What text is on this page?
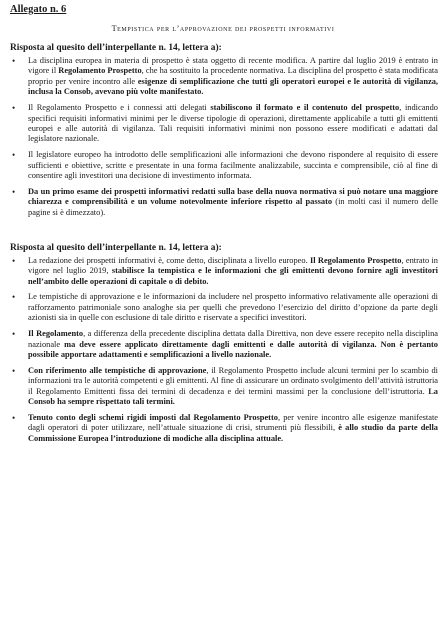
Allegato n. 6
Tempistica per l’approvazione dei prospetti informativi
Risposta al quesito dell’interpellante n. 14, lettera a):
• La disciplina europea in materia di prospetto è stata oggetto di recente modifica. A partire dal luglio 2019 è entrato in vigore il Regolamento Prospetto, che ha sostituito la procedente normativa. La disciplina del prospetto è stata modificata proprio per venire incontro alle esigenze di semplificazione che tutti gli operatori europei e le autorità di vigilanza, inclusa la Consob, avevano più volte manifestato.
• Il Regolamento Prospetto e i connessi atti delegati stabiliscono il formato e il contenuto del prospetto, indicando specifici requisiti informativi minimi per le diverse tipologie di operazioni, direttamente applicabile a tutti gli emittenti europei e alle autorità di vigilanza. Tali requisiti informativi minimi non possono essere modificati e adattati dal legislatore nazionale.
• Il legislatore europeo ha introdotto delle semplificazioni alle informazioni che devono rispondere al requisito di essere sufficienti e obiettive, scritte e presentate in una forma facilmente analizzabile, succinta e comprensibile, ciò al fine di consentire agli investitori una decisione di investimento informata.
• Da un primo esame dei prospetti informativi redatti sulla base della nuova normativa si può notare una maggiore chiarezza e comprensibilità e un volume notevolmente inferiore rispetto al passato (in molti casi il numero delle pagine si è dimezzato).
Risposta al quesito dell’interpellante n. 14, lettera a):
• La redazione dei prospetti informativi è, come detto, disciplinata a livello europeo. Il Regolamento Prospetto, entrato in vigore nel luglio 2019, stabilisce la tempistica e le informazioni che gli emittenti devono fornire agli investitori nell’ambito delle operazioni di capitale o di debito.
• Le tempistiche di approvazione e le informazioni da includere nel prospetto informativo relativamente alle operazioni di rafforzamento patrimoniale sono analoghe sia per quelli che prevedono l’esercizio del diritto d’opzione da parte degli azionisti sia in quelle con esclusione di tale diritto e riservate a specifici investitori.
• Il Regolamento, a differenza della precedente disciplina dettata dalla Direttiva, non deve essere recepito nella disciplina nazionale ma deve essere applicato direttamente dagli emittenti e dalle autorità di vigilanza. Non è pertanto possibile apportare adattamenti e semplificazioni a livello nazionale.
• Con riferimento alle tempistiche di approvazione, il Regolamento Prospetto include alcuni termini per lo scambio di informazioni tra le autorità competenti e gli emittenti. Al fine di assicurare un ordinato svolgimento dell’attività istruttoria il Regolamento Emittenti fissa dei termini di decadenza e dei termini massimi per la conclusione dell’istruttoria. La Consob ha sempre rispettato tali termini.
• Tenuto conto degli schemi rigidi imposti dal Regolamento Prospetto, per venire incontro alle esigenze manifestate dagli operatori di poter utilizzare, nell’attuale situazione di crisi, strumenti più flessibili, è allo studio da parte della Commissione Europea l’introduzione di modiche alla disciplina attuale.
